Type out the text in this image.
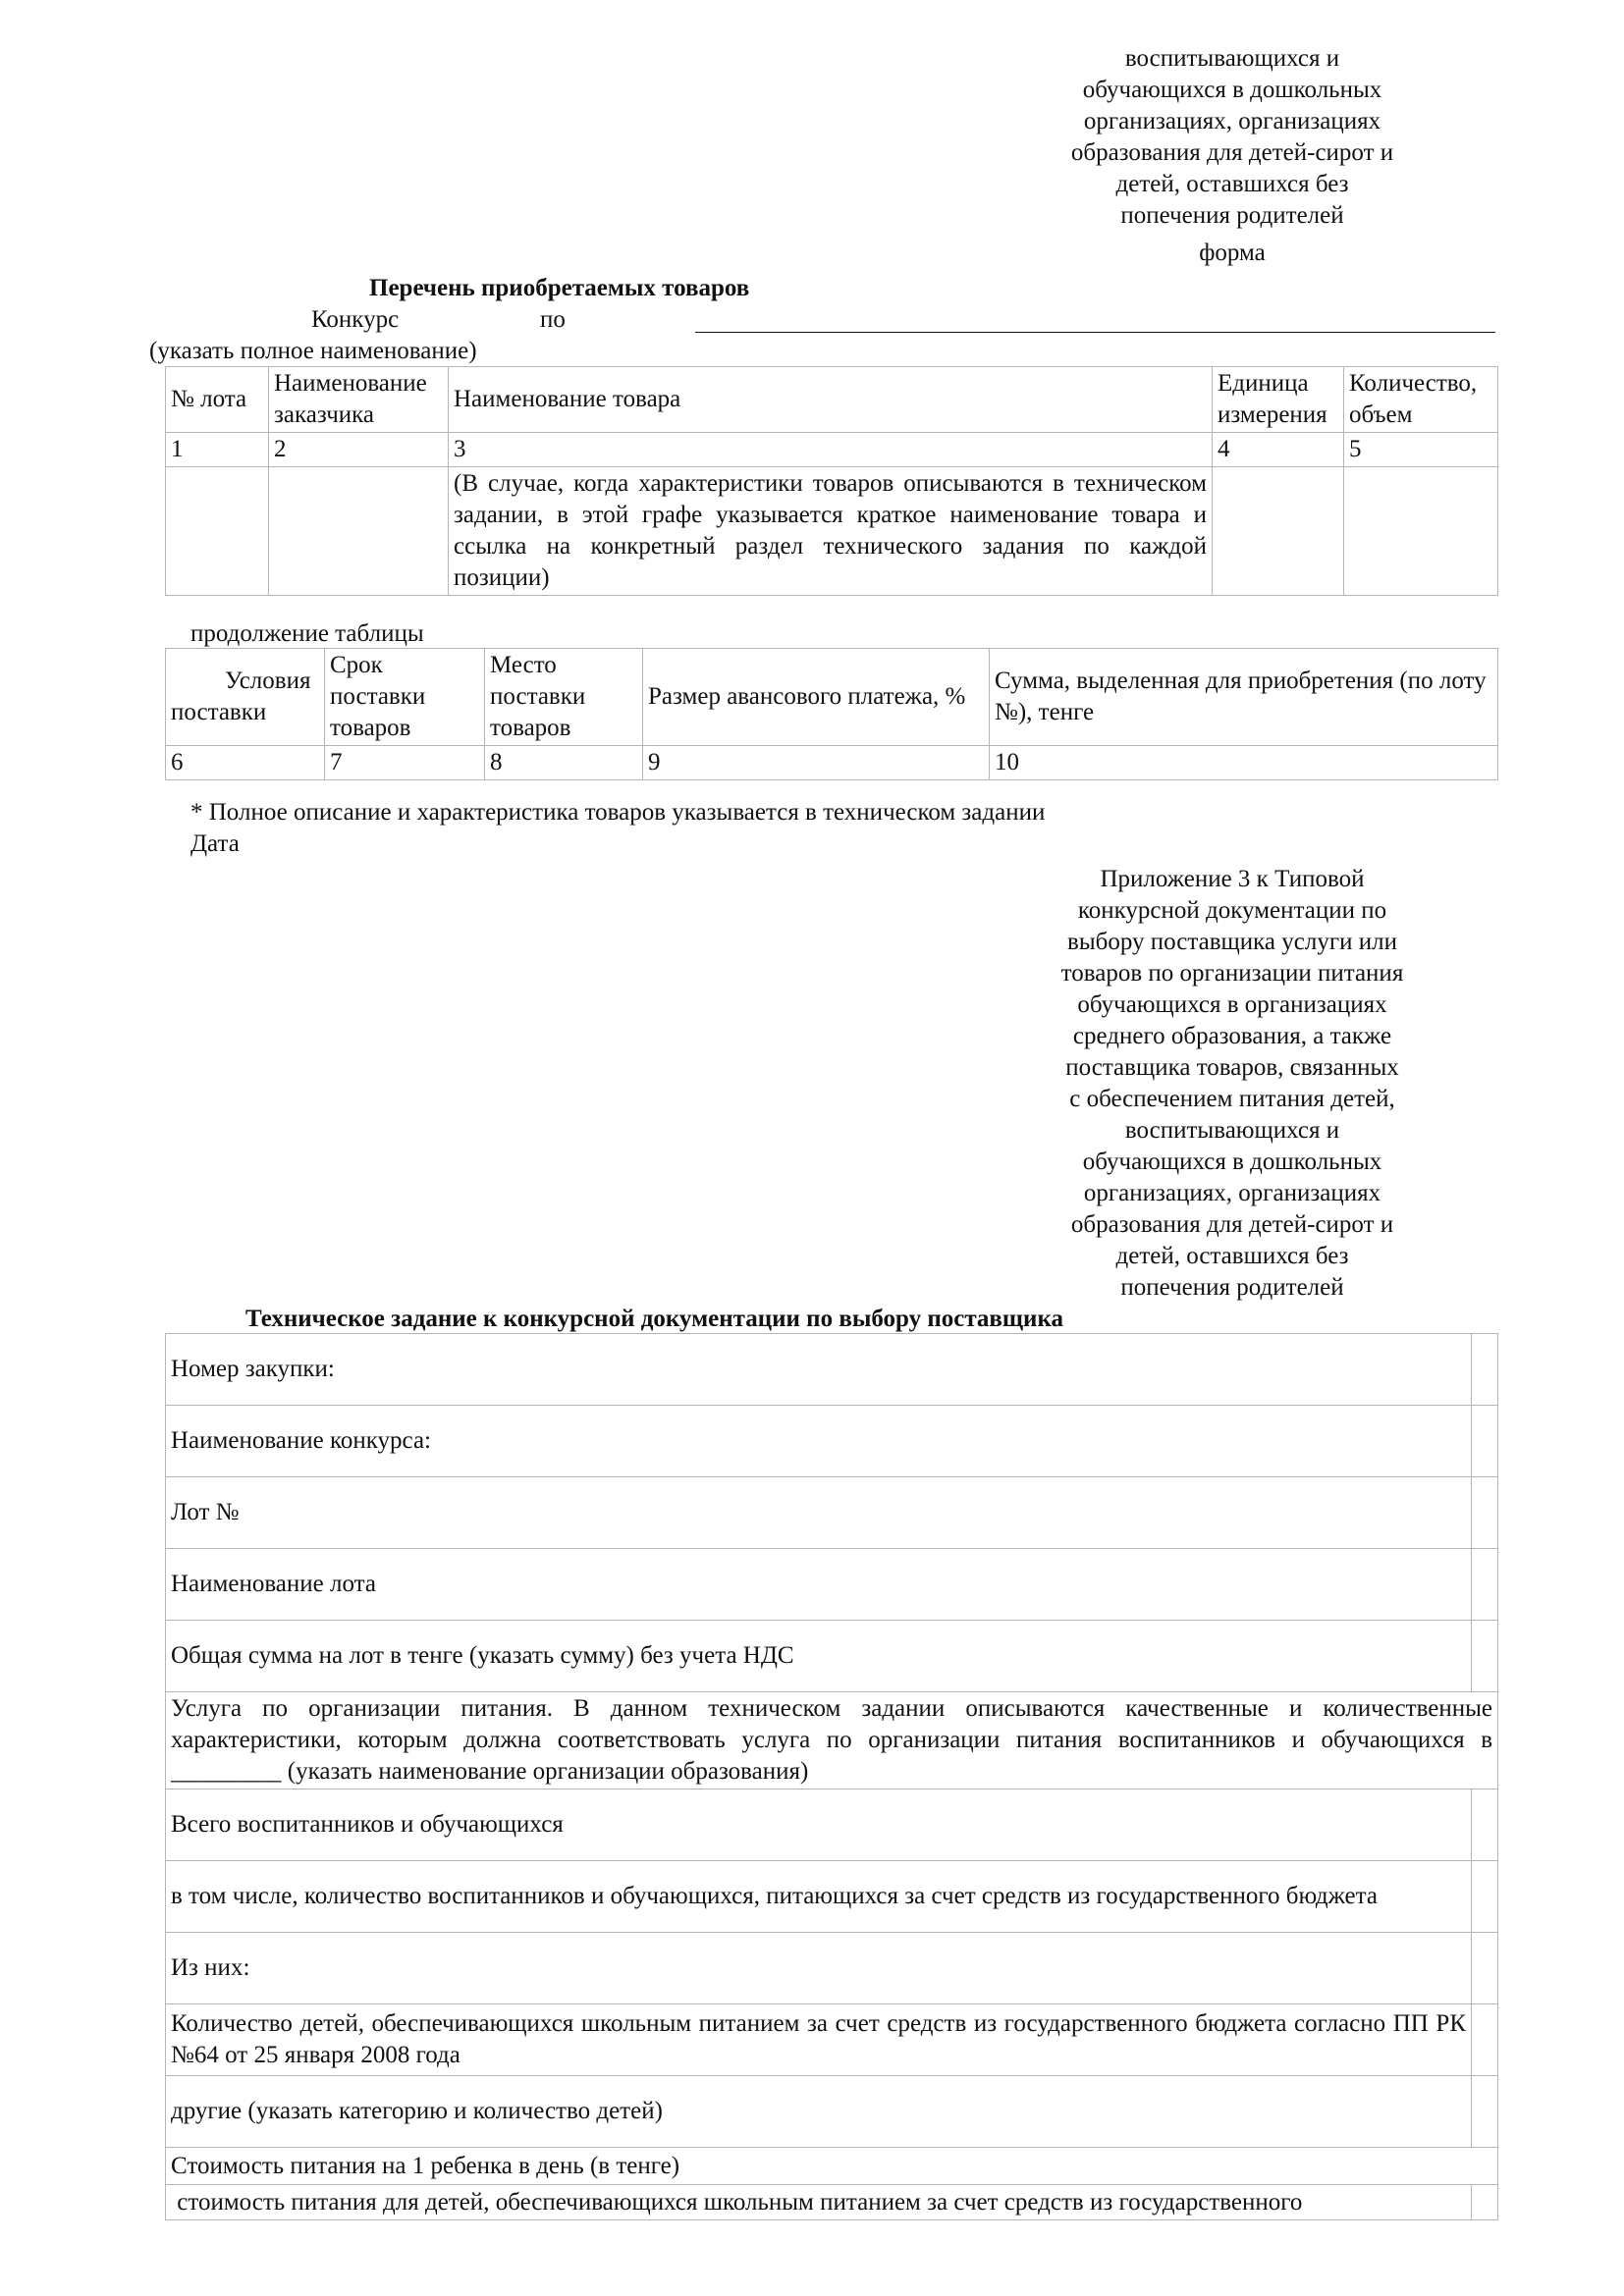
воспитывающихся и
обучающихся в дошкольных
организациях, организациях
образования для детей-сирот и
детей, оставшихся без
попечения родителей
форма
Перечень приобретаемых товаров
Конкурс	по
(указать полное наименование)
№ лота	Наименование заказчика	Наименование товара	Единица измерения	Количество, объем
1	2	3	4	5
		(В случае, когда характеристики товаров описываются в техническом задании, в этой графе указывается краткое наименование товара и ссылка на конкретный раздел технического задания по каждой позиции)		
продолжение таблицы
Условия поставки	Срок поставки товаров	Место поставки товаров	Размер авансового платежа, %	Сумма, выделенная для приобретения (по лоту №), тенге
6	7	8	9	10
* Полное описание и характеристика товаров указывается в техническом задании
Дата
Приложение 3 к Типовой
конкурсной документации по
выбору поставщика услуги или
товаров по организации питания
обучающихся в организациях
среднего образования, а также
поставщика товаров, связанных
с обеспечением питания детей,
воспитывающихся и
обучающихся в дошкольных
организациях, организациях
образования для детей-сирот и
детей, оставшихся без
попечения родителей
Техническое задание к конкурсной документации по выбору поставщика
Номер закупки:	
Наименование конкурса:	
Лот №	
Наименование лота	
Общая сумма на лот в тенге (указать сумму) без учета НДС	
Услуга по организации питания. В данном техническом задании описываются качественные и количественные характеристики, которым должна соответствовать услуга по организации питания воспитанников и обучающихся в _________ (указать наименование организации образования)	
Всего воспитанников и обучающихся	
в том числе, количество воспитанников и обучающихся, питающихся за счет средств из государственного бюджета	
Из них:	
Количество детей, обеспечивающихся школьным питанием за счет средств из государственного бюджета согласно ПП РК №64 от 25 января 2008 года	
другие (указать категорию и количество детей)	
Стоимость питания на 1 ребенка в день (в тенге)	
стоимость питания для детей, обеспечивающихся школьным питанием за счет средств из государственного	
